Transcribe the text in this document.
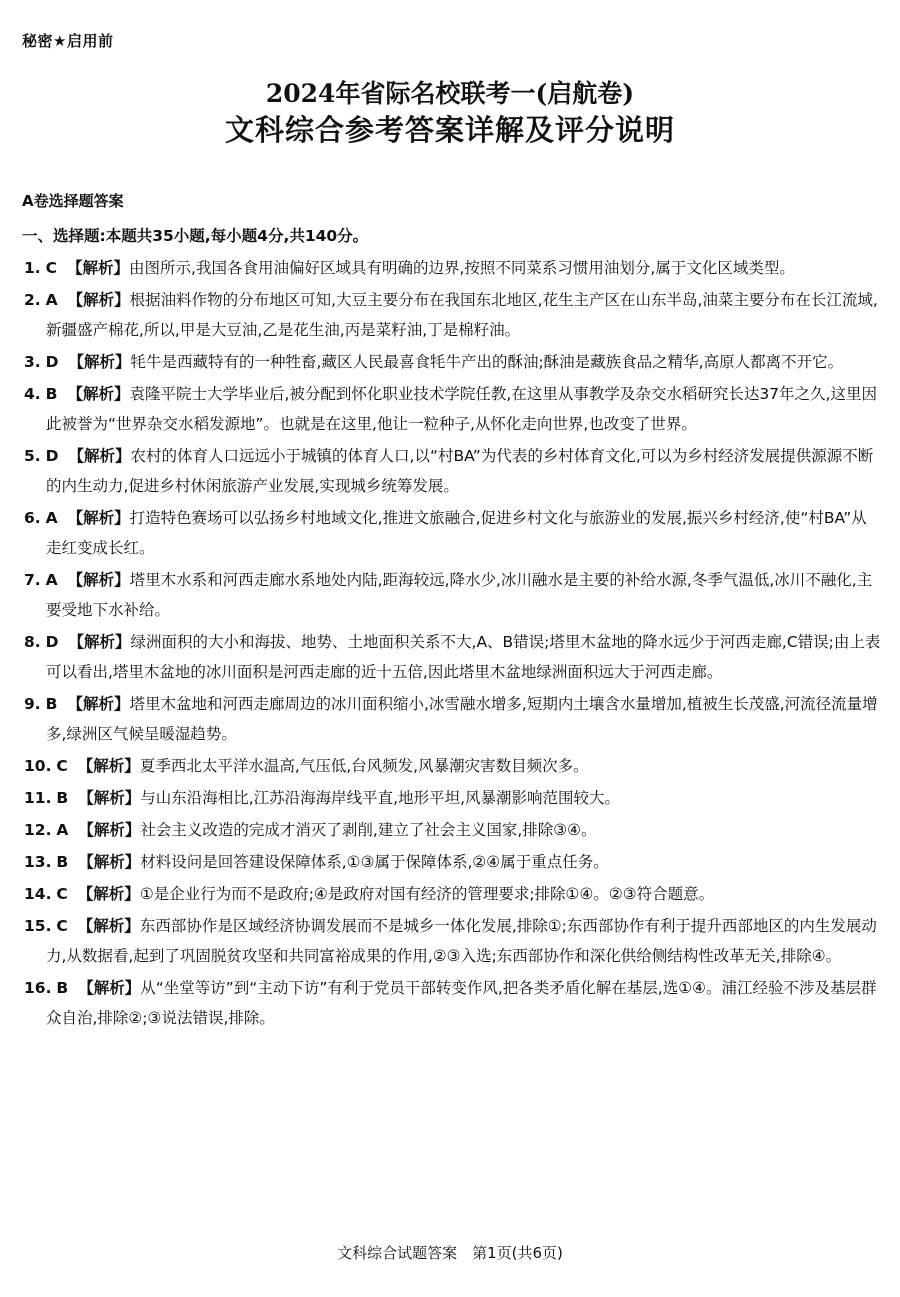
秘密★启用前
2024年省际名校联考一(启航卷)
文科综合参考答案详解及评分说明
A卷选择题答案
一、选择题:本题共35小题,每小题4分,共140分。
1. C 【解析】由图所示,我国各食用油偏好区域具有明确的边界,按照不同菜系习惯用油划分,属于文化区域类型。
2. A 【解析】根据油料作物的分布地区可知,大豆主要分布在我国东北地区,花生主产区在山东半岛,油菜主要分布在长江流域,新疆盛产棉花,所以,甲是大豆油,乙是花生油,丙是菜籽油,丁是棉籽油。
3. D 【解析】牦牛是西藏特有的一种牲畜,藏区人民最喜食牦牛产出的酥油;酥油是藏族食品之精华,高原人都离不开它。
4. B 【解析】袁隆平院士大学毕业后,被分配到怀化职业技术学院任教,在这里从事教学及杂交水稻研究长达37年之久,这里因此被誉为“世界杂交水稻发源地”。也就是在这里,他让一粒种子,从怀化走向世界,也改变了世界。
5. D 【解析】农村的体育人口远远小于城镇的体育人口,以“村BA”为代表的乡村体育文化,可以为乡村经济发展提供源源不断的内生动力,促进乡村休闲旅游产业发展,实现城乡统筹发展。
6. A 【解析】打造特色赛场可以弘扬乡村地域文化,推进文旅融合,促进乡村文化与旅游业的发展,振兴乡村经济,使“村BA”从走红变成长红。
7. A 【解析】塔里木水系和河西走廊水系地处内陆,距海较远,降水少,冰川融水是主要的补给水源,冬季气温低,冰川不融化,主要受地下水补给。
8. D 【解析】绿洲面积的大小和海拔、地势、土地面积关系不大,A、B错误;塔里木盆地的降水远少于河西走廊,C错误;由上表可以看出,塔里木盆地的冰川面积是河西走廊的近十五倍,因此塔里木盆地绿洲面积远大于河西走廊。
9. B 【解析】塔里木盆地和河西走廊周边的冰川面积缩小,冰雪融水增多,短期内土壤含水量增加,植被生长茂盛,河流径流量增多,绿洲区气候呈暖湿趋势。
10. C 【解析】夏季西北太平洋水温高,气压低,台风频发,风暴潮灾害数目频次多。
11. B 【解析】与山东沿海相比,江苏沿海海岸线平直,地形平坦,风暴潮影响范围较大。
12. A 【解析】社会主义改造的完成才消灭了剥削,建立了社会主义国家,排除③④。
13. B 【解析】材料设问是回答建设保障体系,①③属于保障体系,②④属于重点任务。
14. C 【解析】①是企业行为而不是政府;④是政府对国有经济的管理要求;排除①④。②③符合题意。
15. C 【解析】东西部协作是区域经济协调发展而不是城乡一体化发展,排除①;东西部协作有利于提升西部地区的内生发展动力,从数据看,起到了巩固脱贫攻坚和共同富裕成果的作用,②③入选;东西部协作和深化供给侧结构性改革无关,排除④。
16. B 【解析】从“坐堂等访”到“主动下访”有利于党员干部转变作风,把各类矛盾化解在基层,选①④。浦江经验不涉及基层群众自治,排除②;③说法错误,排除。
文科综合试题答案　第1页(共6页)
